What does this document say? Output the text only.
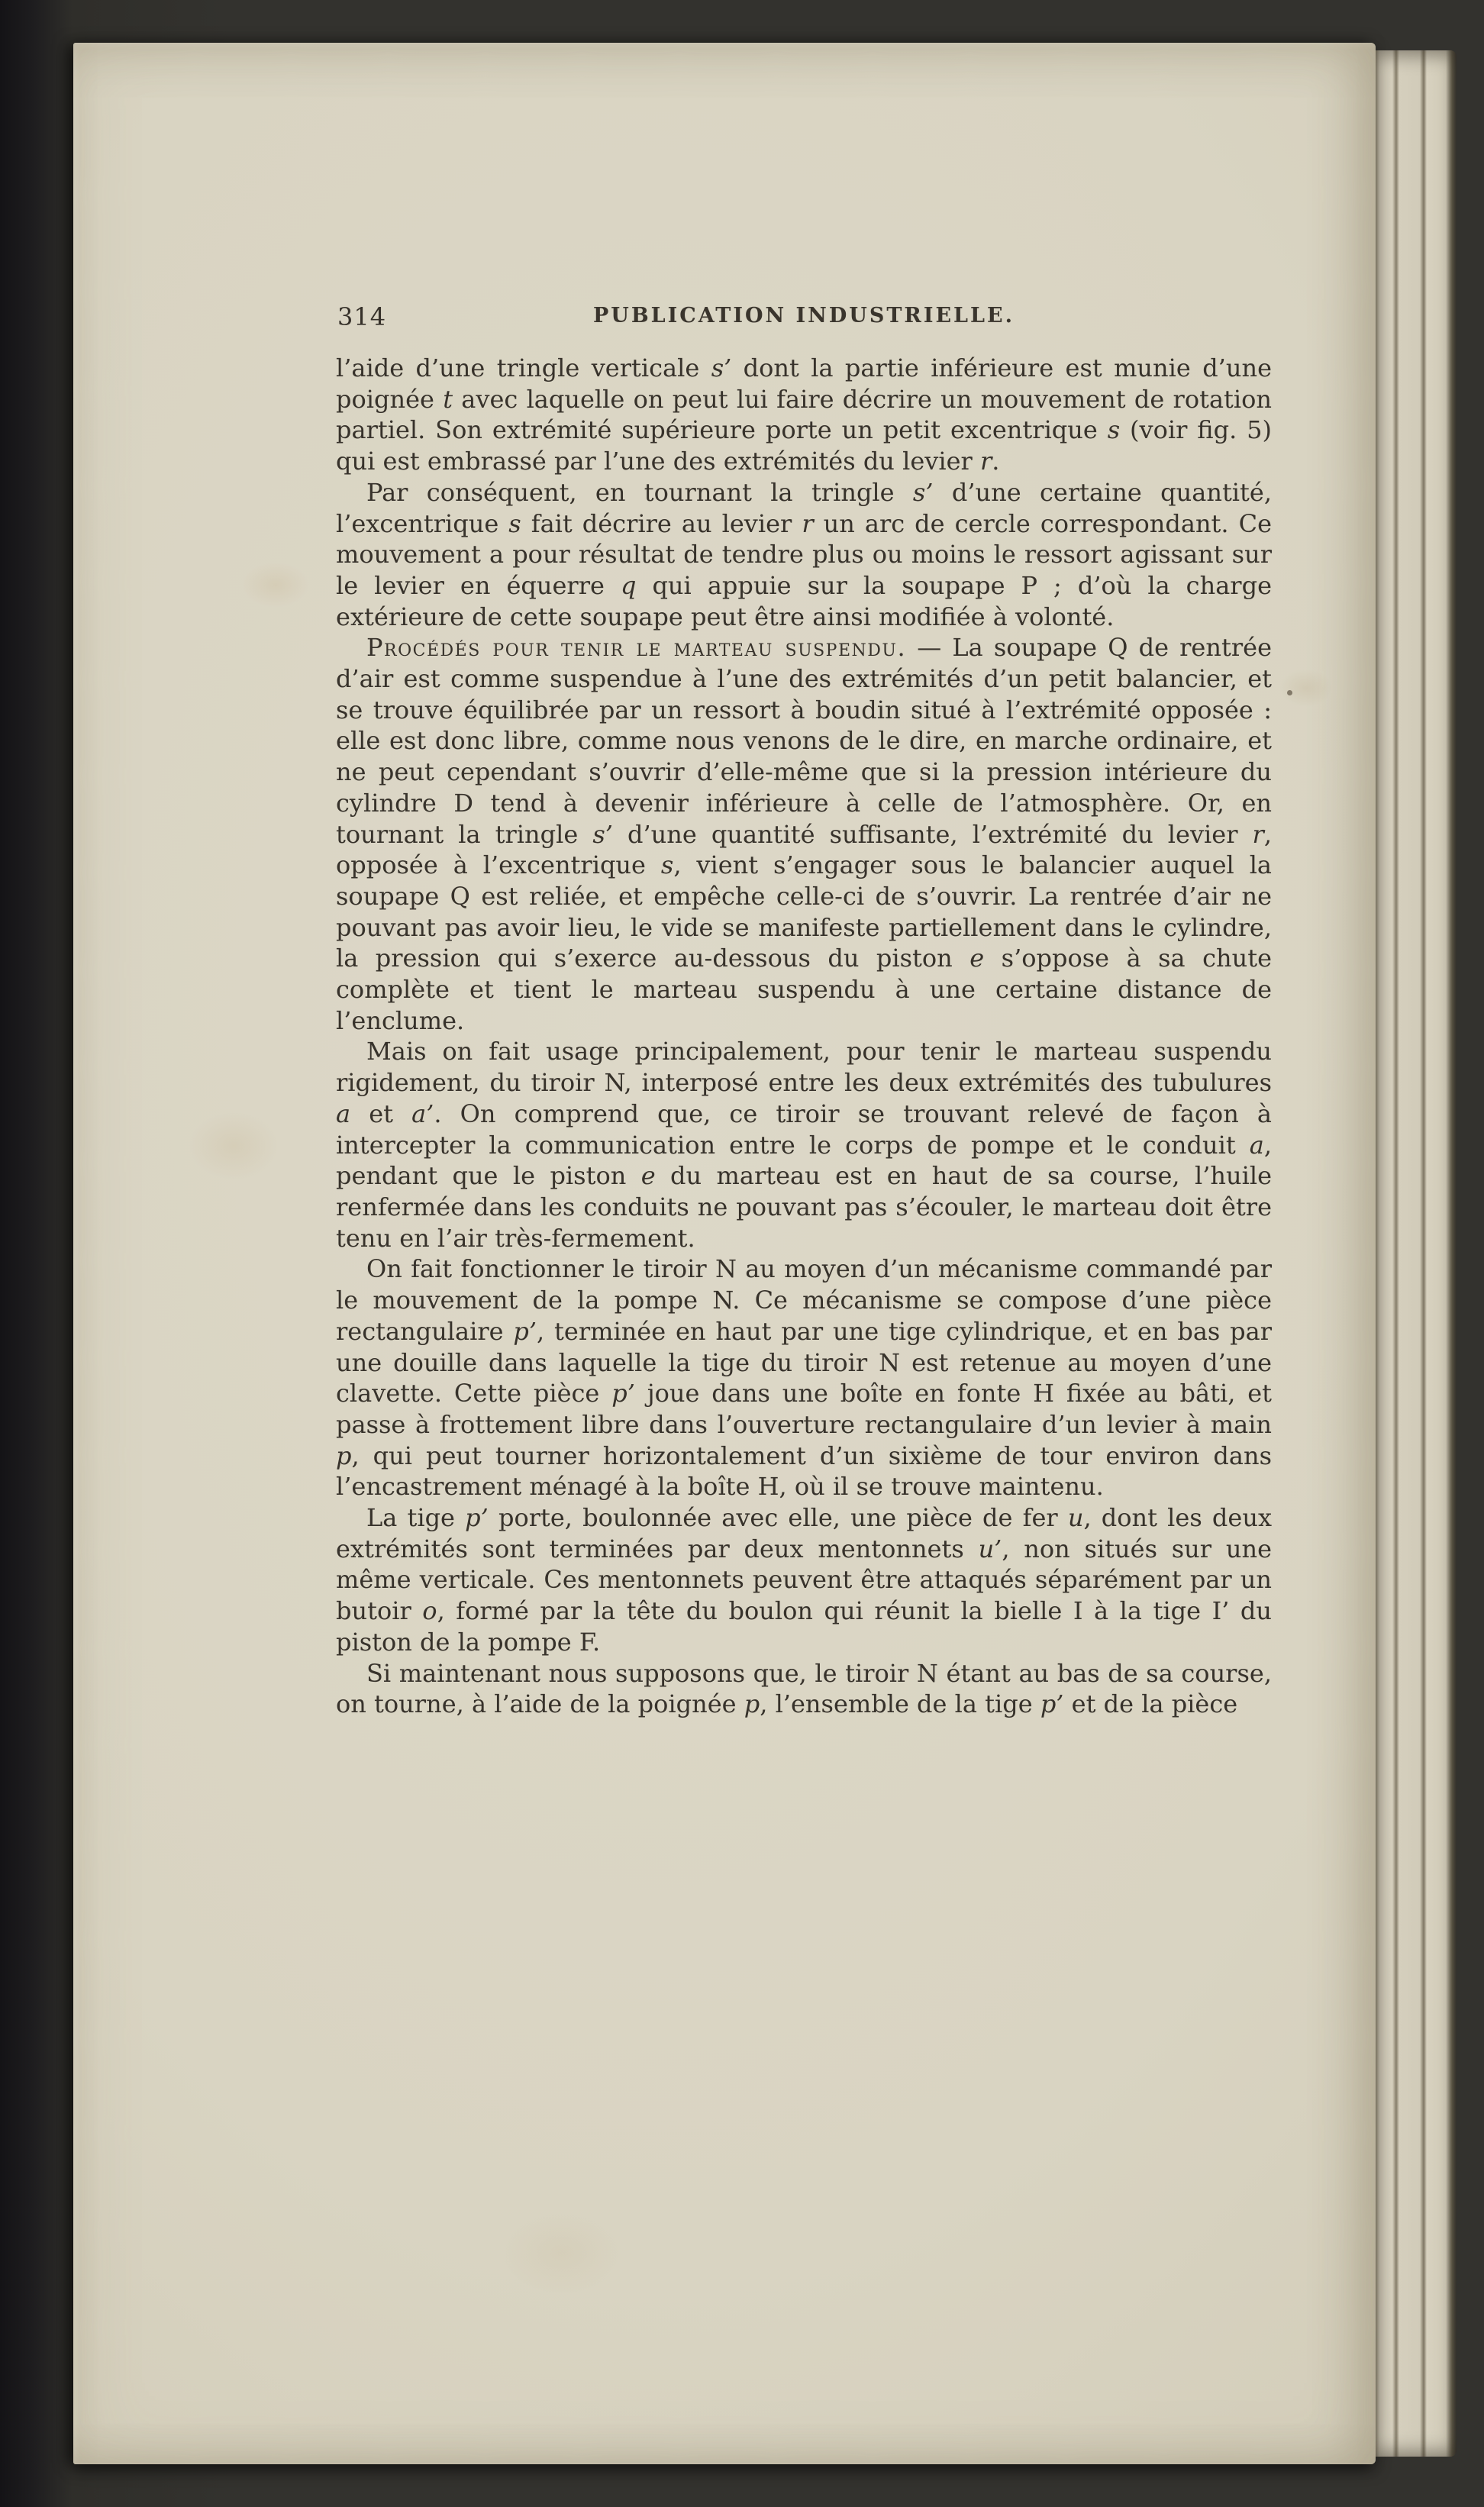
314	PUBLICATION INDUSTRIELLE.

l’aide d’une tringle verticale s’ dont la partie inférieure est munie d’une poignée t avec laquelle on peut lui faire décrire un mouvement de rotation partiel. Son extrémité supérieure porte un petit excentrique s (voir fig. 5) qui est embrassé par l’une des extrémités du levier r.

Par conséquent, en tournant la tringle s’ d’une certaine quantité, l’excentrique s fait décrire au levier r un arc de cercle correspondant. Ce mouvement a pour résultat de tendre plus ou moins le ressort agissant sur le levier en équerre q qui appuie sur la soupape P ; d’où la charge extérieure de cette soupape peut être ainsi modifiée à volonté.

Procédés pour tenir le marteau suspendu. — La soupape Q de rentrée d’air est comme suspendue à l’une des extrémités d’un petit balancier, et se trouve équilibrée par un ressort à boudin situé à l’extrémité opposée : elle est donc libre, comme nous venons de le dire, en marche ordinaire, et ne peut cependant s’ouvrir d’elle-même que si la pression intérieure du cylindre D tend à devenir inférieure à celle de l’atmosphère. Or, en tournant la tringle s’ d’une quantité suffisante, l’extrémité du levier r, opposée à l’excentrique s, vient s’engager sous le balancier auquel la soupape Q est reliée, et empêche celle-ci de s’ouvrir. La rentrée d’air ne pouvant pas avoir lieu, le vide se manifeste partiellement dans le cylindre, la pression qui s’exerce au-dessous du piston e s’oppose à sa chute complète et tient le marteau suspendu à une certaine distance de l’enclume.

Mais on fait usage principalement, pour tenir le marteau suspendu rigidement, du tiroir N, interposé entre les deux extrémités des tubulures a et a’. On comprend que, ce tiroir se trouvant relevé de façon à intercepter la communication entre le corps de pompe et le conduit a, pendant que le piston e du marteau est en haut de sa course, l’huile renfermée dans les conduits ne pouvant pas s’écouler, le marteau doit être tenu en l’air très-fermement.

On fait fonctionner le tiroir N au moyen d’un mécanisme commandé par le mouvement de la pompe N. Ce mécanisme se compose d’une pièce rectangulaire p’, terminée en haut par une tige cylindrique, et en bas par une douille dans laquelle la tige du tiroir N est retenue au moyen d’une clavette. Cette pièce p’ joue dans une boîte en fonte H fixée au bâti, et passe à frottement libre dans l’ouverture rectangulaire d’un levier à main p, qui peut tourner horizontalement d’un sixième de tour environ dans l’encastrement ménagé à la boîte H, où il se trouve maintenu.

La tige p’ porte, boulonnée avec elle, une pièce de fer u, dont les deux extrémités sont terminées par deux mentonnets u’, non situés sur une même verticale. Ces mentonnets peuvent être attaqués séparément par un butoir o, formé par la tête du boulon qui réunit la bielle I à la tige I’ du piston de la pompe F.

Si maintenant nous supposons que, le tiroir N étant au bas de sa course, on tourne, à l’aide de la poignée p, l’ensemble de la tige p’ et de la pièce
